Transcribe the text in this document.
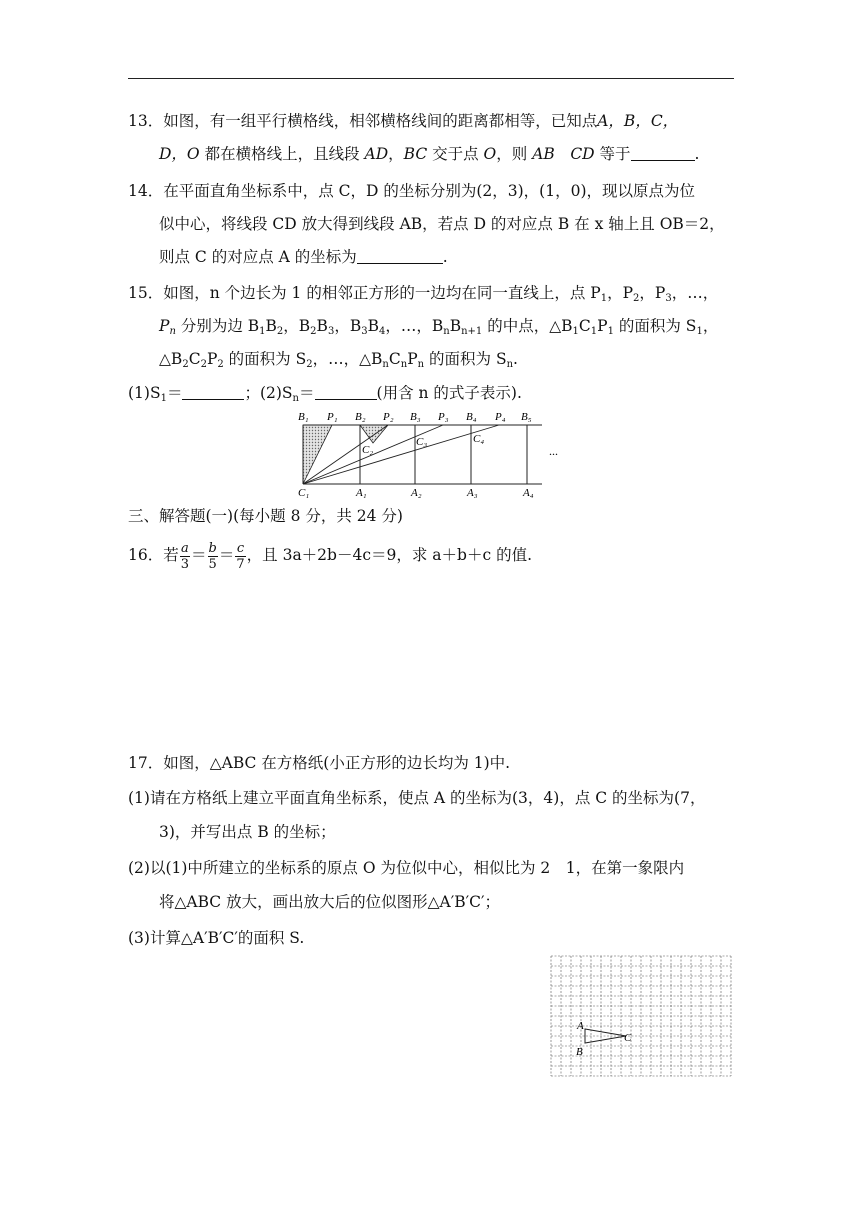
13．如图，有一组平行横格线，相邻横格线间的距离都相等，已知点A，B，C，
D，O 都在横格线上，且线段 AD，BC 交于点 O，则 AB　 CD 等于	.
14．在平面直角坐标系中，点 C，D 的坐标分别为(2，3)，(1，0)，现以原点为位
似中心，将线段 CD 放大得到线段 AB，若点 D 的对应点 B 在 x 轴上且 OB＝2，
则点 C 的对应点 A 的坐标为	.
15．如图，n 个边长为 1 的相邻正方形的一边均在同一直线上，点 $P_1$，$P_2$，$P_3$，…，
$P_n$ 分别为边 $B_1B_2$，$B_2B_3$，$B_3B_4$，…，$B_nB_{n+1}$ 的中点，$\triangle B_1C_1P_1$ 的面积为 $S_1$，
$\triangle B_2C_2P_2$ 的面积为 $S_2$，…，$\triangle B_nC_nP_n$ 的面积为 $S_n$.
$(1)S_1=$	；$(2)S_n=$	(用含 n 的式子表示).
B₁ P₁ B₂ P₂ B₃ P₃ B₄ P₄ B₅
C₂
C₃	C₄
C₁	A₁	A₂	A₃	A₄
...
三、解答题(一)(每小题 8 分，共 24 分)
16．若 $\frac{a}{3} = \frac{b}{5} = \frac{c}{7}$ ，且 3a＋2b－4c＝9，求 a＋b＋c 的值.
17．如图，△ABC 在方格纸(小正方形的边长均为 1)中.
(1)请在方格纸上建立平面直角坐标系，使点 A 的坐标为(3，4)，点 C 的坐标为(7，
3)，并写出点 B 的坐标；
(2)以(1)中所建立的坐标系的原点 O 为位似中心，相似比为 2　1，在第一象限内
将△ABC 放大，画出放大后的位似图形△A′B′C′；
(3)计算△A′B′C′的面积 S.
A
B
C
